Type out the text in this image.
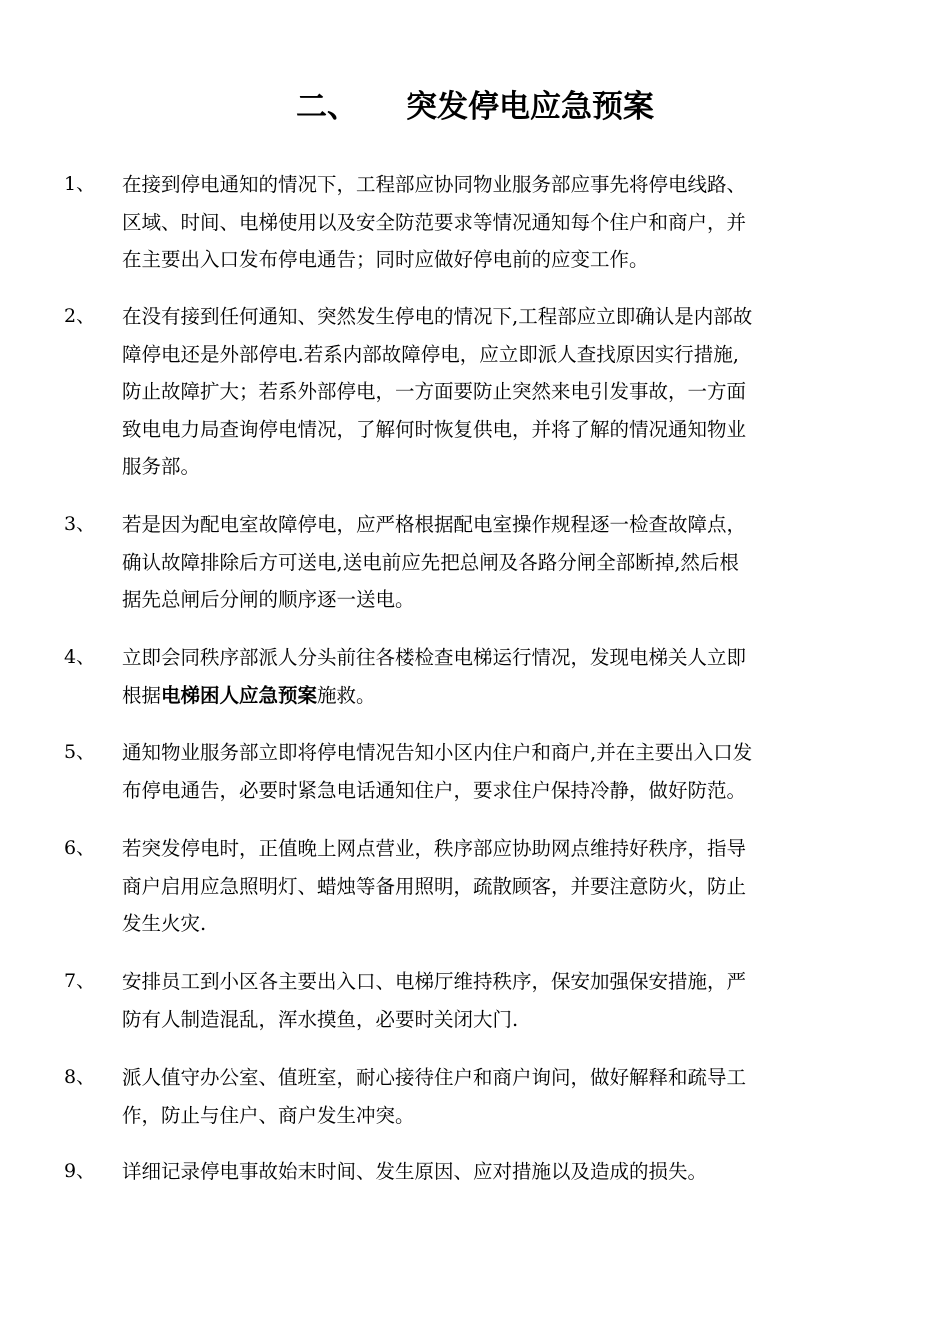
二、 突发停电应急预案
1、	在接到停电通知的情况下，工程部应协同物业服务部应事先将停电线路、
区域、时间、电梯使用以及安全防范要求等情况通知每个住户和商户，并
在主要出入口发布停电通告；同时应做好停电前的应变工作。
2、	在没有接到任何通知、突然发生停电的情况下,工程部应立即确认是内部故
障停电还是外部停电.若系内部故障停电，应立即派人查找原因实行措施,
防止故障扩大；若系外部停电，一方面要防止突然来电引发事故，一方面
致电电力局查询停电情况，了解何时恢复供电，并将了解的情况通知物业
服务部。
3、	若是因为配电室故障停电，应严格根据配电室操作规程逐一检查故障点，
确认故障排除后方可送电,送电前应先把总闸及各路分闸全部断掉,然后根
据先总闸后分闸的顺序逐一送电。
4、	立即会同秩序部派人分头前往各楼检查电梯运行情况，发现电梯关人立即
根据电梯困人应急预案施救。
5、	通知物业服务部立即将停电情况告知小区内住户和商户,并在主要出入口发
布停电通告，必要时紧急电话通知住户，要求住户保持冷静，做好防范。
6、	若突发停电时，正值晚上网点营业，秩序部应协助网点维持好秩序，指导
商户启用应急照明灯、蜡烛等备用照明，疏散顾客，并要注意防火，防止
发生火灾.
7、	安排员工到小区各主要出入口、电梯厅维持秩序，保安加强保安措施，严
防有人制造混乱，浑水摸鱼，必要时关闭大门.
8、	派人值守办公室、值班室，耐心接待住户和商户询问，做好解释和疏导工
作，防止与住户、商户发生冲突。
9、	详细记录停电事故始末时间、发生原因、应对措施以及造成的损失。
